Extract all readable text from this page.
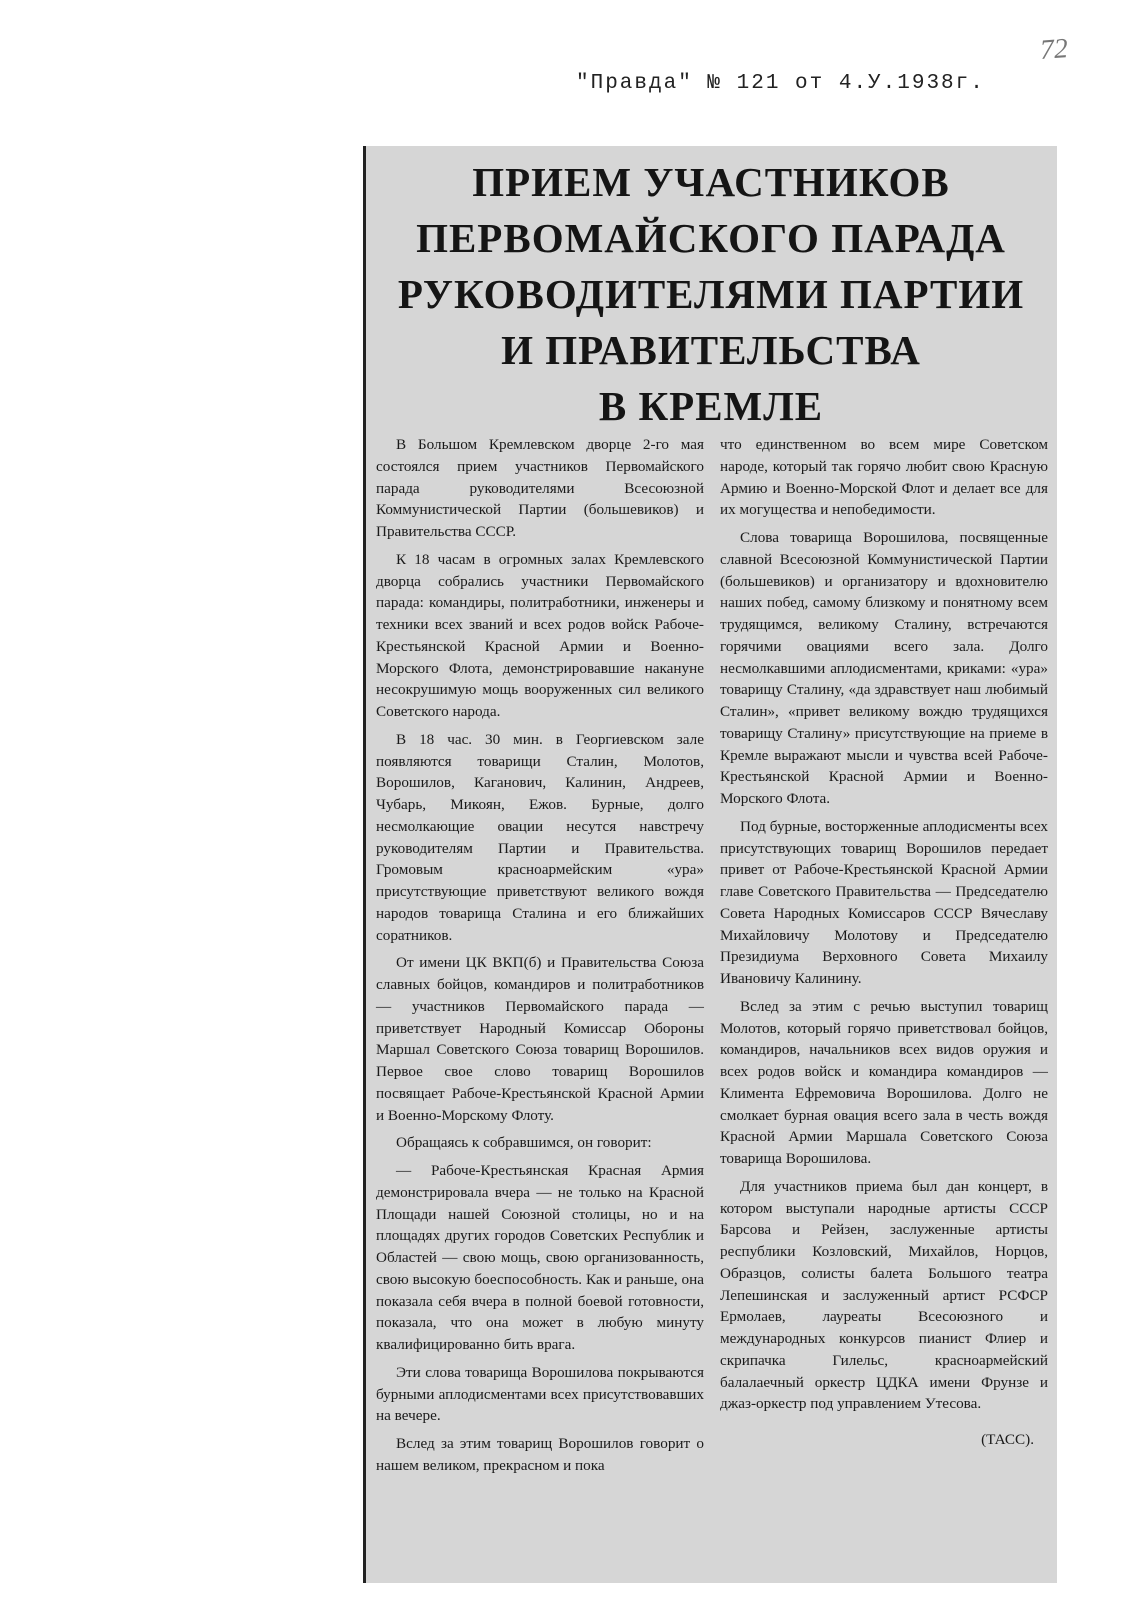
72
"Правда" № 121 от 4.У.1938г.
ПРИЕМ УЧАСТНИКОВ
ПЕРВОМАЙСКОГО ПАРАДА
РУКОВОДИТЕЛЯМИ ПАРТИИ
И ПРАВИТЕЛЬСТВА
В КРЕМЛЕ

В Большом Кремлевском дворце 2-го мая состоялся прием участников Первомайского парада руководителями Всесоюзной Коммунистической Партии (большевиков) и Правительства СССР.

К 18 часам в огромных залах Кремлевского дворца собрались участники Первомайского парада: командиры, политработники, инженеры и техники всех званий и всех родов войск Рабоче-Крестьянской Красной Армии и Военно-Морского Флота, демонстрировавшие накануне несокрушимую мощь вооруженных сил великого Советского народа.

В 18 час. 30 мин. в Георгиевском зале появляются товарищи Сталин, Молотов, Ворошилов, Каганович, Калинин, Андреев, Чубарь, Микоян, Ежов. Бурные, долго несмолкающие овации несутся навстречу руководителям Партии и Правительства. Громовым красноармейским «ура» присутствующие приветствуют великого вождя народов товарища Сталина и его ближайших соратников.

От имени ЦК ВКП(б) и Правительства Союза славных бойцов, командиров и политработников — участников Первомайского парада — приветствует Народный Комиссар Обороны Маршал Советского Союза товарищ Ворошилов. Первое свое слово товарищ Ворошилов посвящает Рабоче-Крестьянской Красной Армии и Военно-Морскому Флоту.

Обращаясь к собравшимся, он говорит:

— Рабоче-Крестьянская Красная Армия демонстрировала вчера — не только на Красной Площади нашей Союзной столицы, но и на площадях других городов Советских Республик и Областей — свою мощь, свою организованность, свою высокую боеспособность. Как и раньше, она показала себя вчера в полной боевой готовности, показала, что она может в любую минуту квалифицированно бить врага.

Эти слова товарища Ворошилова покрываются бурными аплодисментами всех присутствовавших на вечере.

Вслед за этим товарищ Ворошилов говорит о нашем великом, прекрасном и пока

что единственном во всем мире Советском народе, который так горячо любит свою Красную Армию и Военно-Морской Флот и делает все для их могущества и непобедимости.

Слова товарища Ворошилова, посвященные славной Всесоюзной Коммунистической Партии (большевиков) и организатору и вдохновителю наших побед, самому близкому и понятному всем трудящимся, великому Сталину, встречаются горячими овациями всего зала. Долго несмолкавшими аплодисментами, криками: «ура» товарищу Сталину, «да здравствует наш любимый Сталин», «привет великому вождю трудящихся товарищу Сталину» присутствующие на приеме в Кремле выражают мысли и чувства всей Рабоче-Крестьянской Красной Армии и Военно-Морского Флота.

Под бурные, восторженные аплодисменты всех присутствующих товарищ Ворошилов передает привет от Рабоче-Крестьянской Красной Армии главе Советского Правительства — Председателю Совета Народных Комиссаров СССР Вячеславу Михайловичу Молотову и Председателю Президиума Верховного Совета Михаилу Ивановичу Калинину.

Вслед за этим с речью выступил товарищ Молотов, который горячо приветствовал бойцов, командиров, начальников всех видов оружия и всех родов войск и командира командиров — Климента Ефремовича Ворошилова. Долго не смолкает бурная овация всего зала в честь вождя Красной Армии Маршала Советского Союза товарища Ворошилова.

Для участников приема был дан концерт, в котором выступали народные артисты СССР Барсова и Рейзен, заслуженные артисты республики Козловский, Михайлов, Норцов, Образцов, солисты балета Большого театра Лепешинская и заслуженный артист РСФСР Ермолаев, лауреаты Всесоюзного и международных конкурсов пианист Флиер и скрипачка Гилельс, красноармейский балалаечный оркестр ЦДКА имени Фрунзе и джаз-оркестр под управлением Утесова.

(ТАСС).
